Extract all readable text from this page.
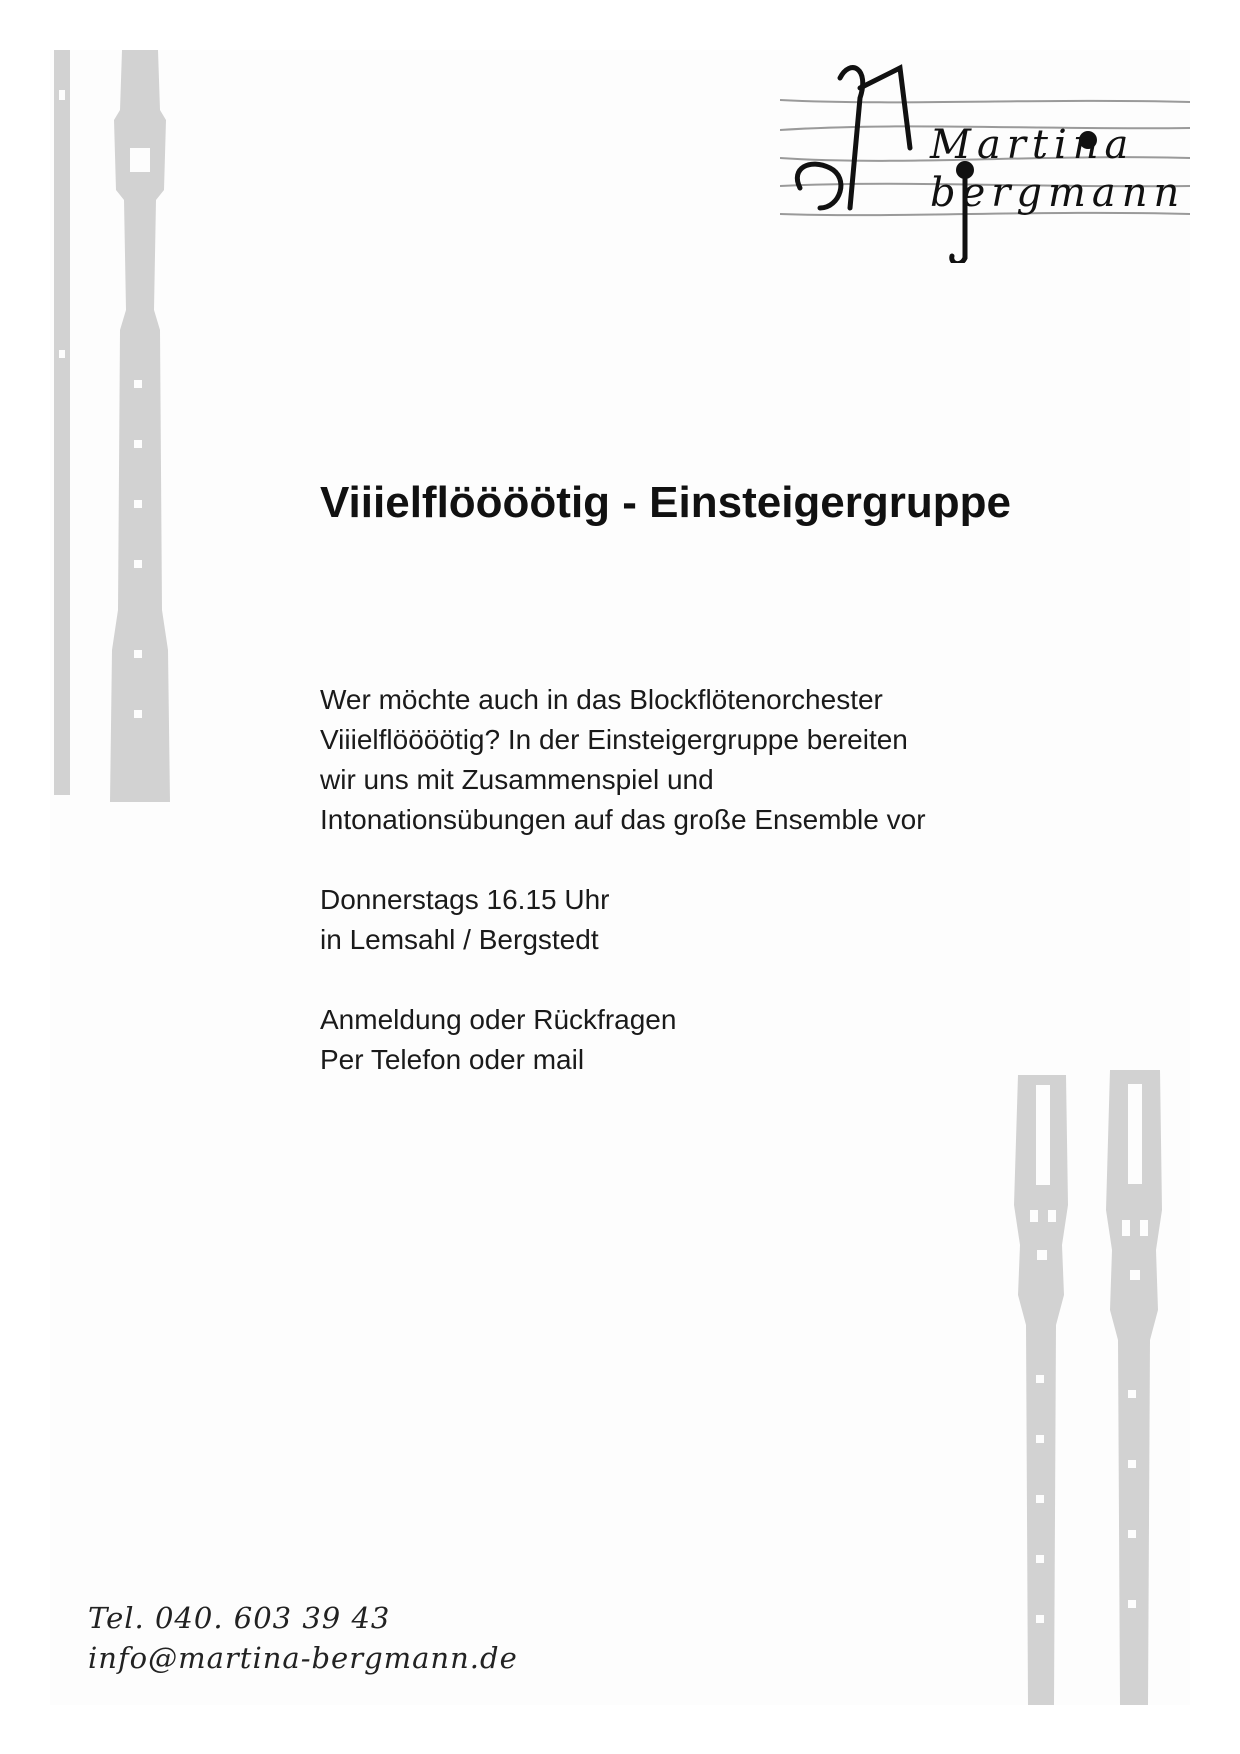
Martina
bergmann
Viiielflöööötig - Einsteigergruppe

Wer möchte auch in das Blockflötenorchester
Viiielflöööötig? In der Einsteigergruppe bereiten
wir uns mit Zusammenspiel und
Intonationsübungen auf das große Ensemble vor

Donnerstags 16.15 Uhr
in Lemsahl / Bergstedt

Anmeldung oder Rückfragen
Per Telefon oder mail

Tel. 040. 603 39 43
info@martina-bergmann.de
